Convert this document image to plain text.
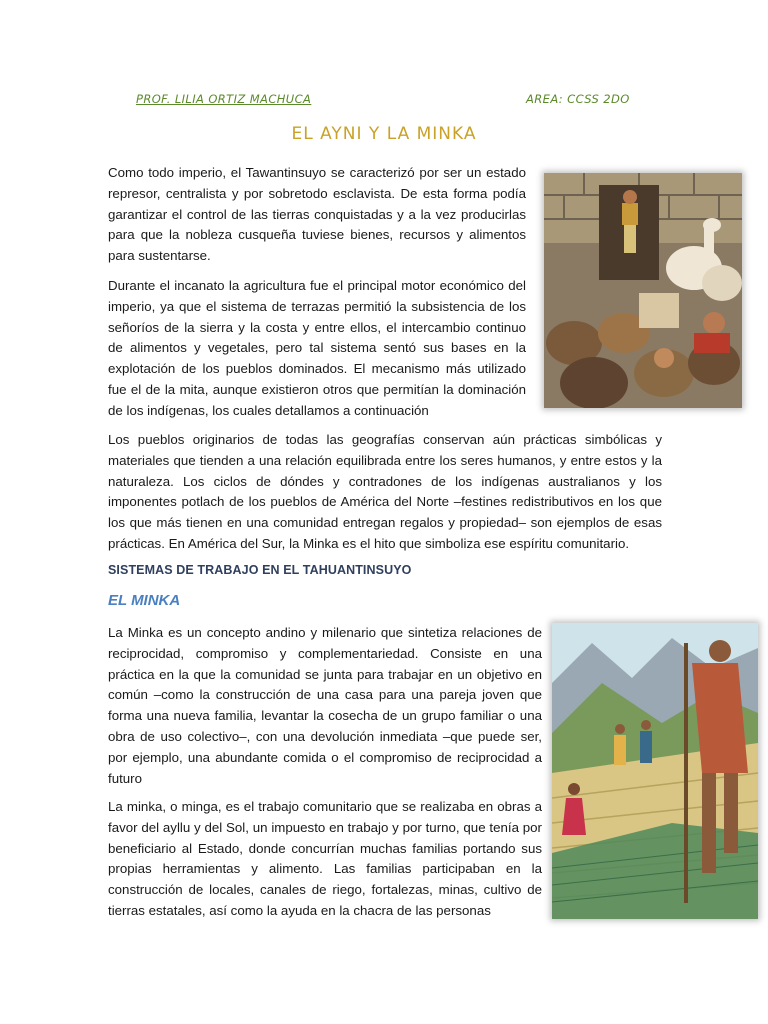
PROF. LILIA ORTIZ MACHUCA	AREA: CCSS 2DO
EL AYNI Y LA MINKA

Como todo imperio, el Tawantinsuyo se caracterizó por ser un estado represor, centralista y por sobretodo esclavista. De esta forma podía garantizar el control de las tierras conquistadas y a la vez producirlas para que la nobleza cusqueña tuviese bienes, recursos y alimentos para sustentarse.

Durante el incanato la agricultura fue el principal motor económico del imperio, ya que el sistema de terrazas permitió la subsistencia de los señoríos de la sierra y la costa y entre ellos, el intercambio continuo de alimentos y vegetales, pero tal sistema sentó sus bases en la explotación de los pueblos dominados. El mecanismo más utilizado fue el de la mita, aunque existieron otros que permitían la dominación de los indígenas, los cuales detallamos a continuación

Los pueblos originarios de todas las geografías conservan aún prácticas simbólicas y materiales que tienden a una relación equilibrada entre los seres humanos, y entre estos y la naturaleza. Los ciclos de dóndes y contradones de los indígenas australianos y los imponentes potlach de los pueblos de América del Norte –festines redistributivos en los que los que más tienen en una comunidad entregan regalos y propiedad– son ejemplos de esas prácticas. En América del Sur, la Minka es el hito que simboliza ese espíritu comunitario.

SISTEMAS DE TRABAJO EN EL TAHUANTINSUYO
EL MINKA

La Minka es un concepto andino y milenario que sintetiza relaciones de reciprocidad, compromiso y complementariedad. Consiste en una práctica en la que la comunidad se junta para trabajar en un objetivo en común –como la construcción de una casa para una pareja joven que forma una nueva familia, levantar la cosecha de un grupo familiar o una obra de uso colectivo–, con una devolución inmediata –que puede ser, por ejemplo, una abundante comida o el compromiso de reciprocidad a futuro

La minka, o minga, es el trabajo comunitario que se realizaba en obras a favor del ayllu y del Sol, un impuesto en trabajo y por turno, que tenía por beneficiario al Estado, donde concurrían muchas familias portando sus propias herramientas y alimento. Las familias participaban en la construcción de locales, canales de riego, fortalezas, minas, cultivo de tierras estatales, así como la ayuda en la chacra de las personas
